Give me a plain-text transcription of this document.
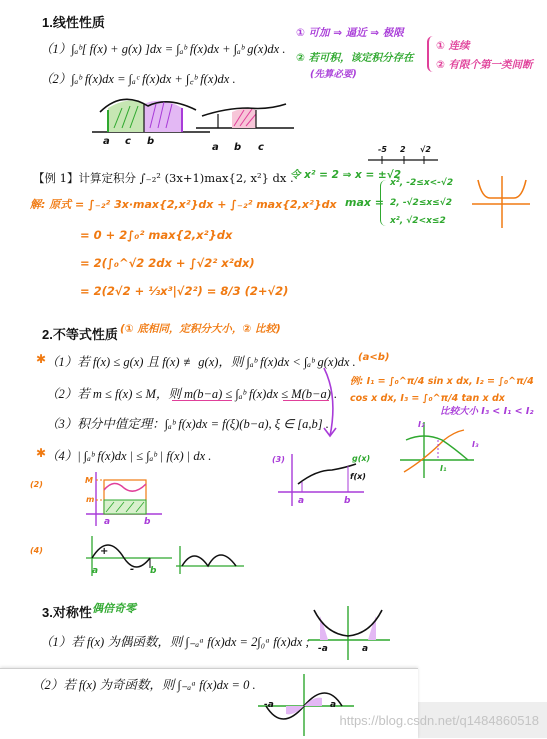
1.线性性质
（1）∫ₐᵇ[ f(x) + g(x) ]dx = ∫ₐᵇ f(x)dx + ∫ₐᵇ g(x)dx .
（2）∫ₐᵇ f(x)dx = ∫ₐᶜ f(x)dx + ∫꜀ᵇ f(x)dx .
① 可加 ⇒ 逼近 ⇒ 极限
② 若可积，该定积分存在
(先算必要)
① 连续
② 有限个第一类间断
a c b
a b c	-5 2 √2
【例 1】计算定积分 ∫₋₂² (3x+1)max{2, x²} dx .
令 x² = 2 ⇒ x = ±√2
解: 原式 = ∫₋₂² 3x·max{2,x²}dx + ∫₋₂² max{2,x²}dx
= 0 + 2∫₀² max{2,x²}dx
= 2(∫₀^√2 2dx + ∫√2² x²dx)
= 2(2√2 + ⅓x³|√2²) = 8/3 (2+√2)
max =
x², -2≤x<-√2
2, -√2≤x≤√2
x², √2<x≤2
2.不等式性质 (① 底相同，定积分大小，② 比较)
✱ （1）若 f(x) ≤ g(x) 且 f(x) ≢ g(x)，则 ∫ₐᵇ f(x)dx < ∫ₐᵇ g(x)dx . (a<b)
（2）若 m ≤ f(x) ≤ M，则 m(b−a) ≤ ∫ₐᵇ f(x)dx ≤ M(b−a) .
（3）积分中值定理：∫ₐᵇ f(x)dx = f(ξ)(b−a), ξ ∈ [a,b] .
✱ （4）| ∫ₐᵇ f(x)dx | ≤ ∫ₐᵇ | f(x) | dx .
例: I₁ = ∫₀^π/4 sin x dx, I₂ = ∫₀^π/4 cos x dx, I₃ = ∫₀^π/4 tan x dx
比较大小 I₃ < I₁ < I₂
I₂
I₁
I₃
(2)	M
m
a	b
(4)	+
-
a	b
(3)	g(x)
f(x)
a	b
3.对称性 偶倍奇零
（1）若 f(x) 为偶函数，则 ∫₋ₐᵃ f(x)dx = 2∫₀ᵃ f(x)dx ; -a	a
（2）若 f(x) 为奇函数，则 ∫₋ₐᵃ f(x)dx = 0 .
-a	a
https://blog.csdn.net/q1484860518
